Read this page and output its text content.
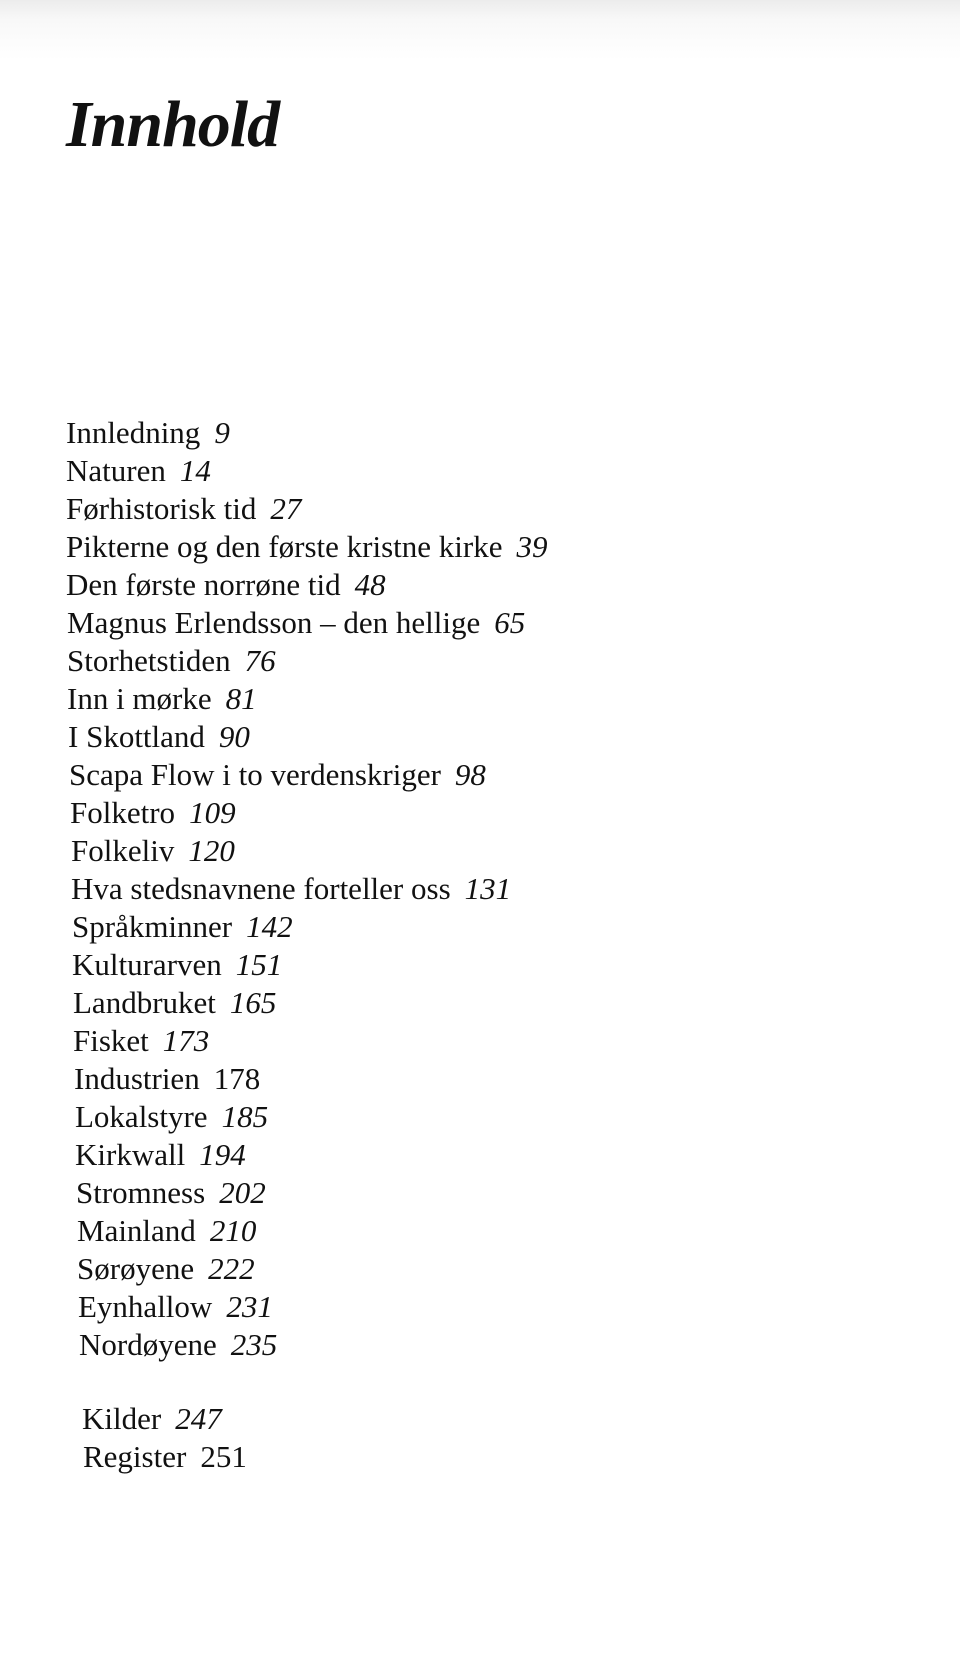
Innhold
Innledning 9
Naturen 14
Førhistorisk tid 27
Pikterne og den første kristne kirke 39
Den første norrøne tid 48
Magnus Erlendsson – den hellige 65
Storhetstiden 76
Inn i mørke 81
I Skottland 90
Scapa Flow i to verdenskriger 98
Folketro 109
Folkeliv 120
Hva stedsnavnene forteller oss 131
Språkminner 142
Kulturarven 151
Landbruket 165
Fisket 173
Industrien 178
Lokalstyre 185
Kirkwall 194
Stromness 202
Mainland 210
Sørøyene 222
Eynhallow 231
Nordøyene 235
Kilder 247
Register 251
